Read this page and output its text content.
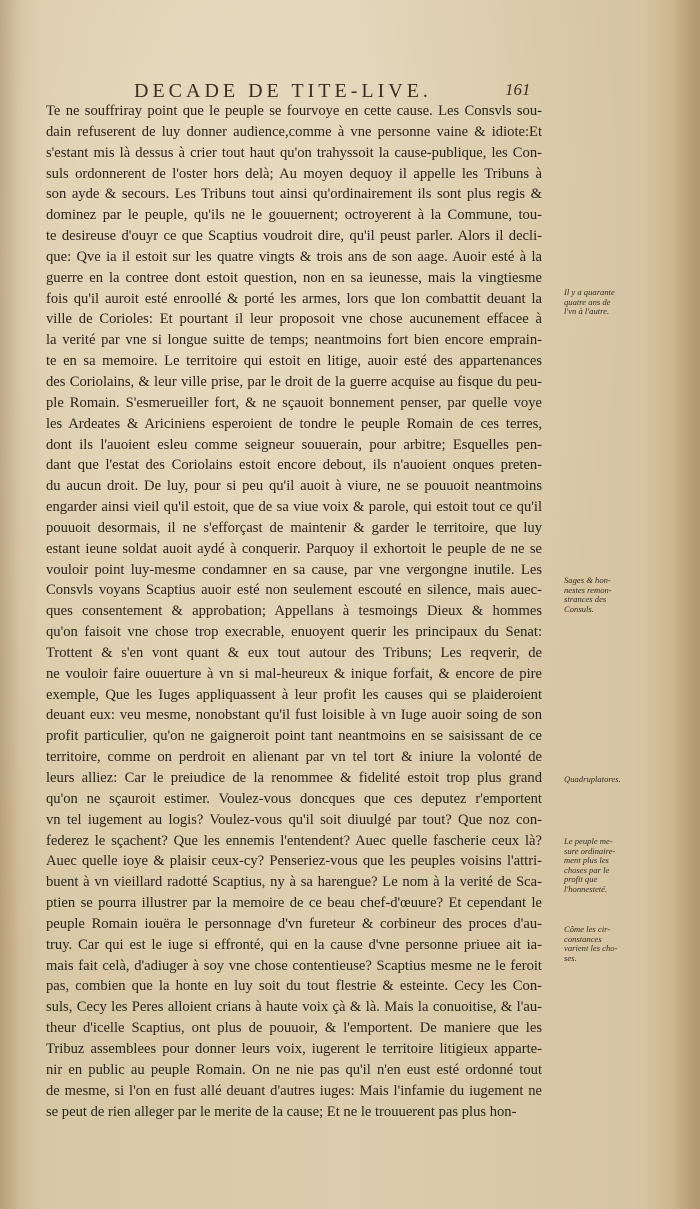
DECADE DE TITE-LIVE.	161
Te ne souffriray point que le peuple se fourvoye en cette cause. Les Consvls sou-
dain refuserent de luy donner audience,comme à vne personne vaine & idiote:Et
s'estant mis là dessus à crier tout haut qu'on trahyssoit la cause-publique, les Con-
suls ordonnerent de l'oster hors delà; Au moyen dequoy il appelle les Tribuns à
son ayde & secours. Les Tribuns tout ainsi qu'ordinairement ils sont plus regis &
dominez par le peuple, qu'ils ne le gouuernent; octroyerent à la Commune, tou-
te desireuse d'ouyr ce que Scaptius voudroit dire, qu'il peust parler. Alors il decli-
que: Qve ia il estoit sur les quatre vingts & trois ans de son aage. Auoir esté à la
guerre en la contree dont estoit question, non en sa ieunesse, mais la vingtiesme
fois qu'il auroit esté enroollé & porté les armes, lors que lon combattit deuant la
ville de Corioles: Et pourtant il leur proposoit vne chose aucunement effacee à
la verité par vne si longue suitte de temps; neantmoins fort bien encore emprain-
te en sa memoire. Le territoire qui estoit en litige, auoir esté des appartenances
des Coriolains, & leur ville prise, par le droit de la guerre acquise au fisque du peu-
ple Romain. S'esmerueiller fort, & ne sçauoit bonnement penser, par quelle voye
les Ardeates & Ariciniens esperoient de tondre le peuple Romain de ces terres,
dont ils l'auoient esleu comme seigneur souuerain, pour arbitre; Esquelles pen-
dant que l'estat des Coriolains estoit encore debout, ils n'auoient onques preten-
du aucun droit. De luy, pour si peu qu'il auoit à viure, ne se pouuoit neantmoins
engarder ainsi vieil qu'il estoit, que de sa viue voix & parole, qui estoit tout ce qu'il
pouuoit desormais, il ne s'efforçast de maintenir & garder le territoire, que luy
estant ieune soldat auoit aydé à conquerir. Parquoy il exhortoit le peuple de ne se
vouloir point luy-mesme condamner en sa cause, par vne vergongne inutile. Les
Consvls voyans Scaptius auoir esté non seulement escouté en silence, mais auec-
ques consentement & approbation; Appellans à tesmoings Dieux & hommes
qu'on faisoit vne chose trop execrable, enuoyent querir les principaux du Senat:
Trottent & s'en vont quant & eux tout autour des Tribuns; Les reqverir, de
ne vouloir faire ouuerture à vn si mal-heureux & inique forfait, & encore de pire
exemple, Que les Iuges appliquassent à leur profit les causes qui se plaideroient
deuant eux: veu mesme, nonobstant qu'il fust loisible à vn Iuge auoir soing de son
profit particulier, qu'on ne gaigneroit point tant neantmoins en se saisissant de ce
territoire, comme on perdroit en alienant par vn tel tort & iniure la volonté de
leurs alliez: Car le preiudice de la renommee & fidelité estoit trop plus grand
qu'on ne sçauroit estimer. Voulez-vous doncques que ces deputez r'emportent
vn tel iugement au logis? Voulez-vous qu'il soit diuulgé par tout? Que noz con-
federez le sçachent? Que les ennemis l'entendent? Auec quelle fascherie ceux là?
Auec quelle ioye & plaisir ceux-cy? Penseriez-vous que les peuples voisins l'attri-
buent à vn vieillard radotté Scaptius, ny à sa harengue? Le nom à la verité de Sca-
ptien se pourra illustrer par la memoire de ce beau chef-d'œuure? Et cependant le
peuple Romain iouëra le personnage d'vn fureteur & corbineur des proces d'au-
truy. Car qui est le iuge si effronté, qui en la cause d'vne personne priuee ait ia-
mais fait celà, d'adiuger à soy vne chose contentieuse? Scaptius mesme ne le feroit
pas, combien que la honte en luy soit du tout flestrie & esteinte. Cecy les Con-
suls, Cecy les Peres alloient crians à haute voix çà & là. Mais la conuoitise, & l'au-
theur d'icelle Scaptius, ont plus de pouuoir, & l'emportent. De maniere que les
Tribuz assemblees pour donner leurs voix, iugerent le territoire litigieux apparte-
nir en public au peuple Romain. On ne nie pas qu'il n'en eust esté ordonné tout
de mesme, si l'on en fust allé deuant d'autres iuges: Mais l'infamie du iugement ne
se peut de rien alleger par le merite de la cause; Et ne le trouuerent pas plus hon-
Il y a quarante
quatre ans de
l'vn à l'autre.
Sages & hon-
nestes remon-
strances des
Consuls.
Quadruplatores.
Le peuple me-
sure ordinaire-
ment plus les
choses par le
profit que
l'honnesteté.
Côme les cir-
constances
varient les cho-
ses.
